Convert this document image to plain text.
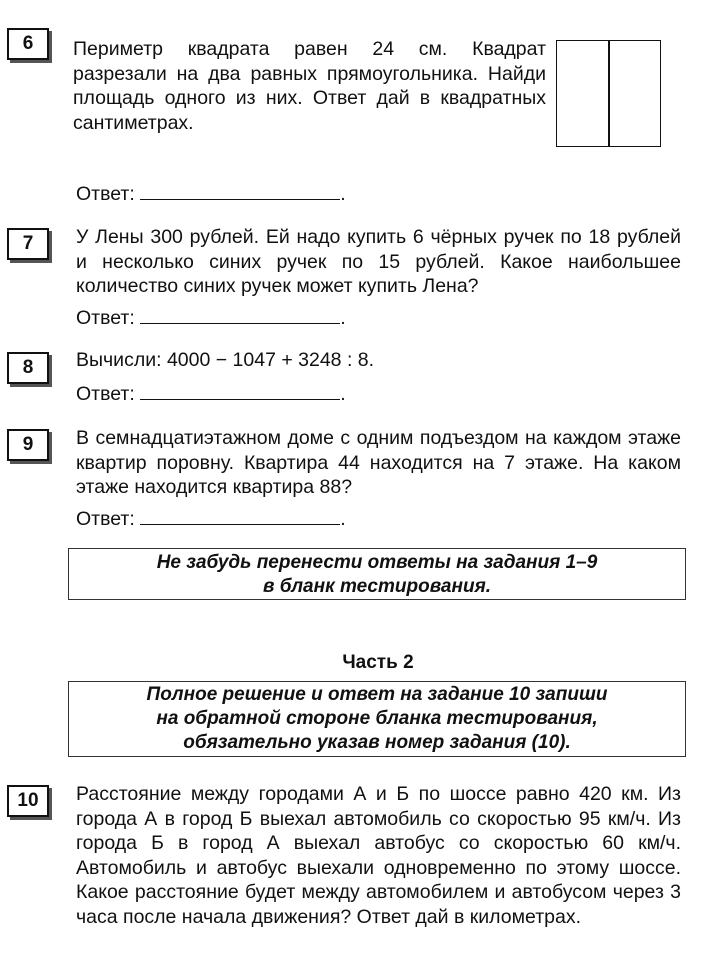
6	Периметр квадрата равен 24 см. Квадрат разрезали на два равных прямоугольника. Найди площадь одного из них. Ответ дай в квадратных сантиметрах.

Ответ:	.
7	У Лены 300 рублей. Ей надо купить 6 чёрных ручек по 18 рублей и несколько синих ручек по 15 рублей. Какое наибольшее количество синих ручек может купить Лена?

Ответ:	.
8	Вычисли: 4000 − 1047 + 3248 : 8.
Ответ:	.
9	В семнадцатиэтажном доме с одним подъездом на каждом этаже квартир поровну. Квартира 44 находится на 7 этаже. На каком этаже находится квартира 88?

Ответ:	.
Не забудь перенести ответы на задания 1–9
в бланк тестирования.
Часть 2
Полное решение и ответ на задание 10 запиши
на обратной стороне бланка тестирования,
обязательно указав номер задания (10).
10	Расстояние между городами А и Б по шоссе равно 420 км. Из города А в город Б выехал автомобиль со скоростью 95 км/ч. Из города Б в город А выехал автобус со скоростью 60 км/ч. Автомобиль и автобус выехали одновременно по этому шоссе. Какое расстояние будет между автомобилем и автобусом через 3 часа после начала движения? Ответ дай в километрах.
